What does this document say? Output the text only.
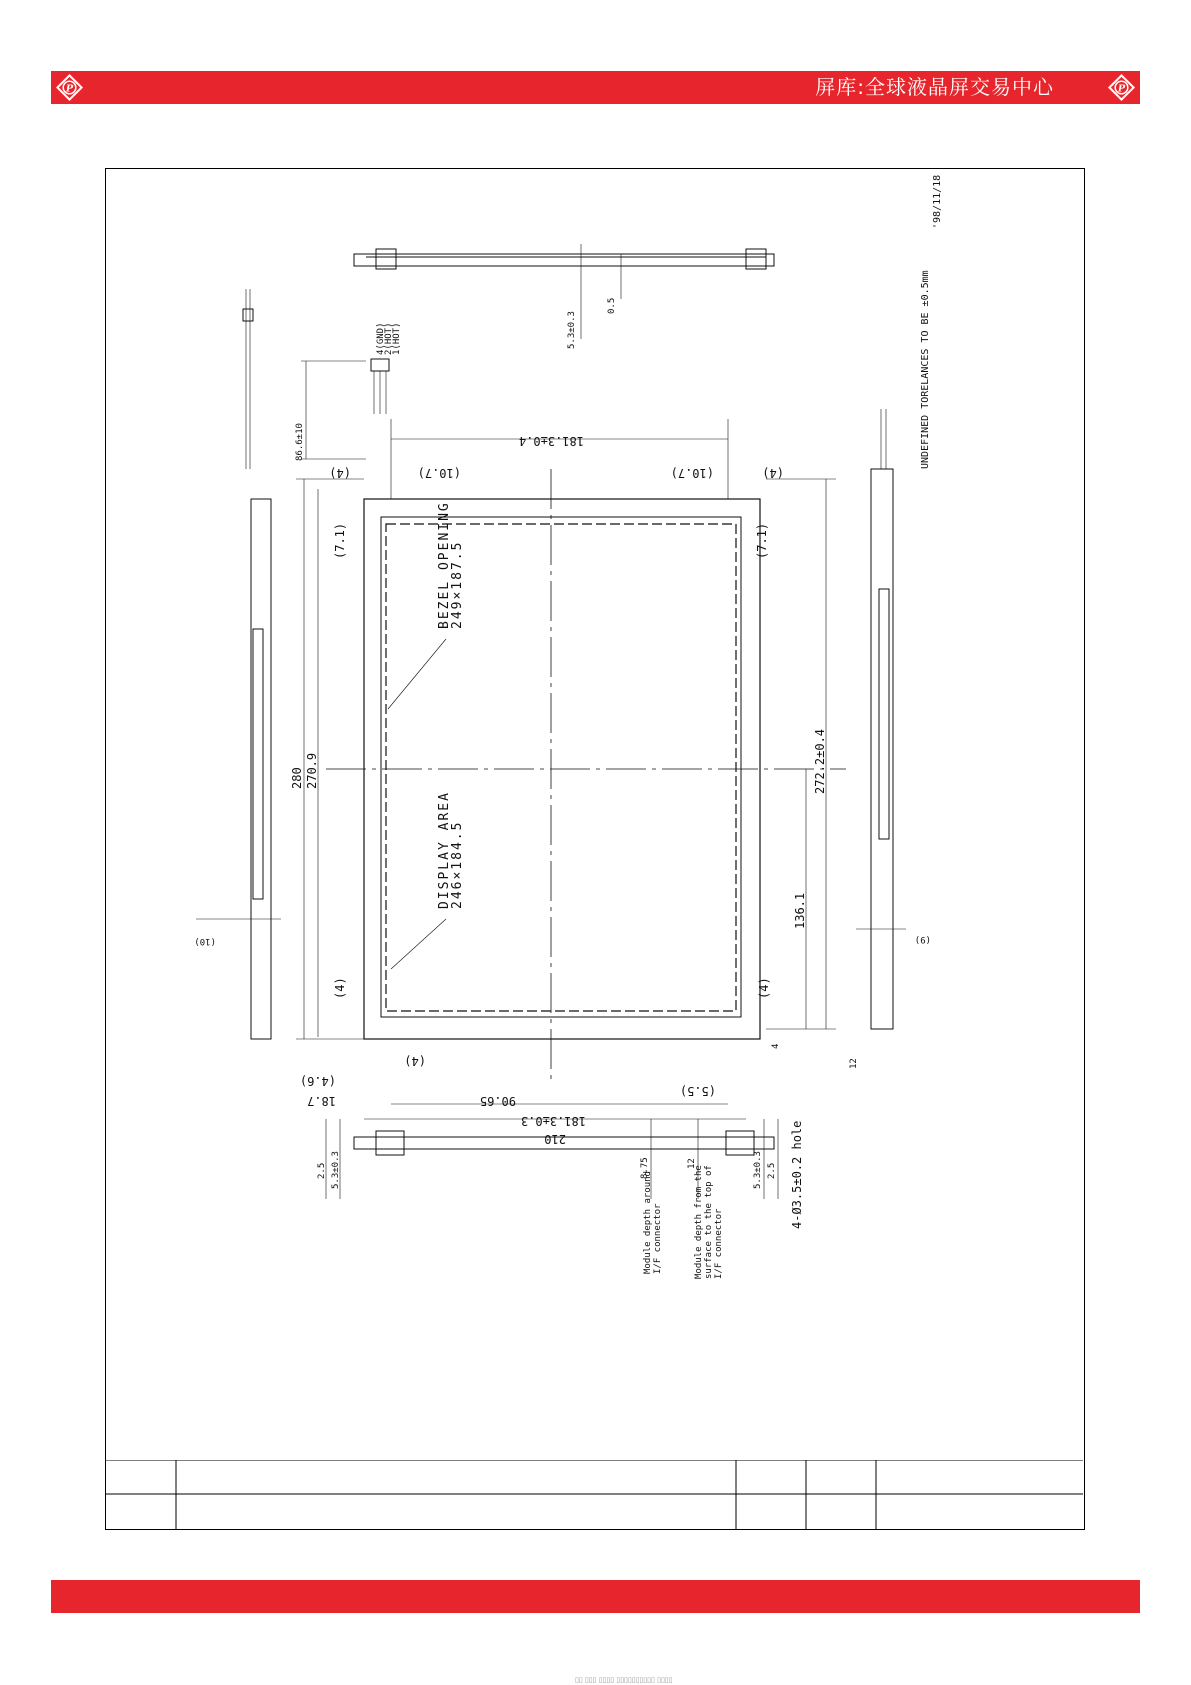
P	屏库:全球液晶屏交易中心	P
5.3±0.3
0.5
4(GND)
2(HOT)
1(HOT)
86.6±10
(10)
181.3±0.4
(4)	(10.7)	(10.7)	(4)
(7.1)	(7.1)
280 270.9	272.2±0.4
136.1
BEZEL OPENING
249×187.5
DISPLAY AREA
246×184.5
(4)	(4)
(4)
4
(4.6)
18.7	90.65
(5.5)
181.3±0.3
210	4-Ø3.5±0.2 hole
(9)
12
2.5 5.3±0.3	8.75	12	5.3±0.3 2.5
Module depth around I/F connector	Module depth from the surface to the top of I/F connector
UNDEFINED TORELANCES TO BE ±0.5mm
'98/11/18
▯▯ ▯▯▯ ▯▯▯▯ ▯▯▯▯▯▯▯▯▯▯ ▯▯▯▯
